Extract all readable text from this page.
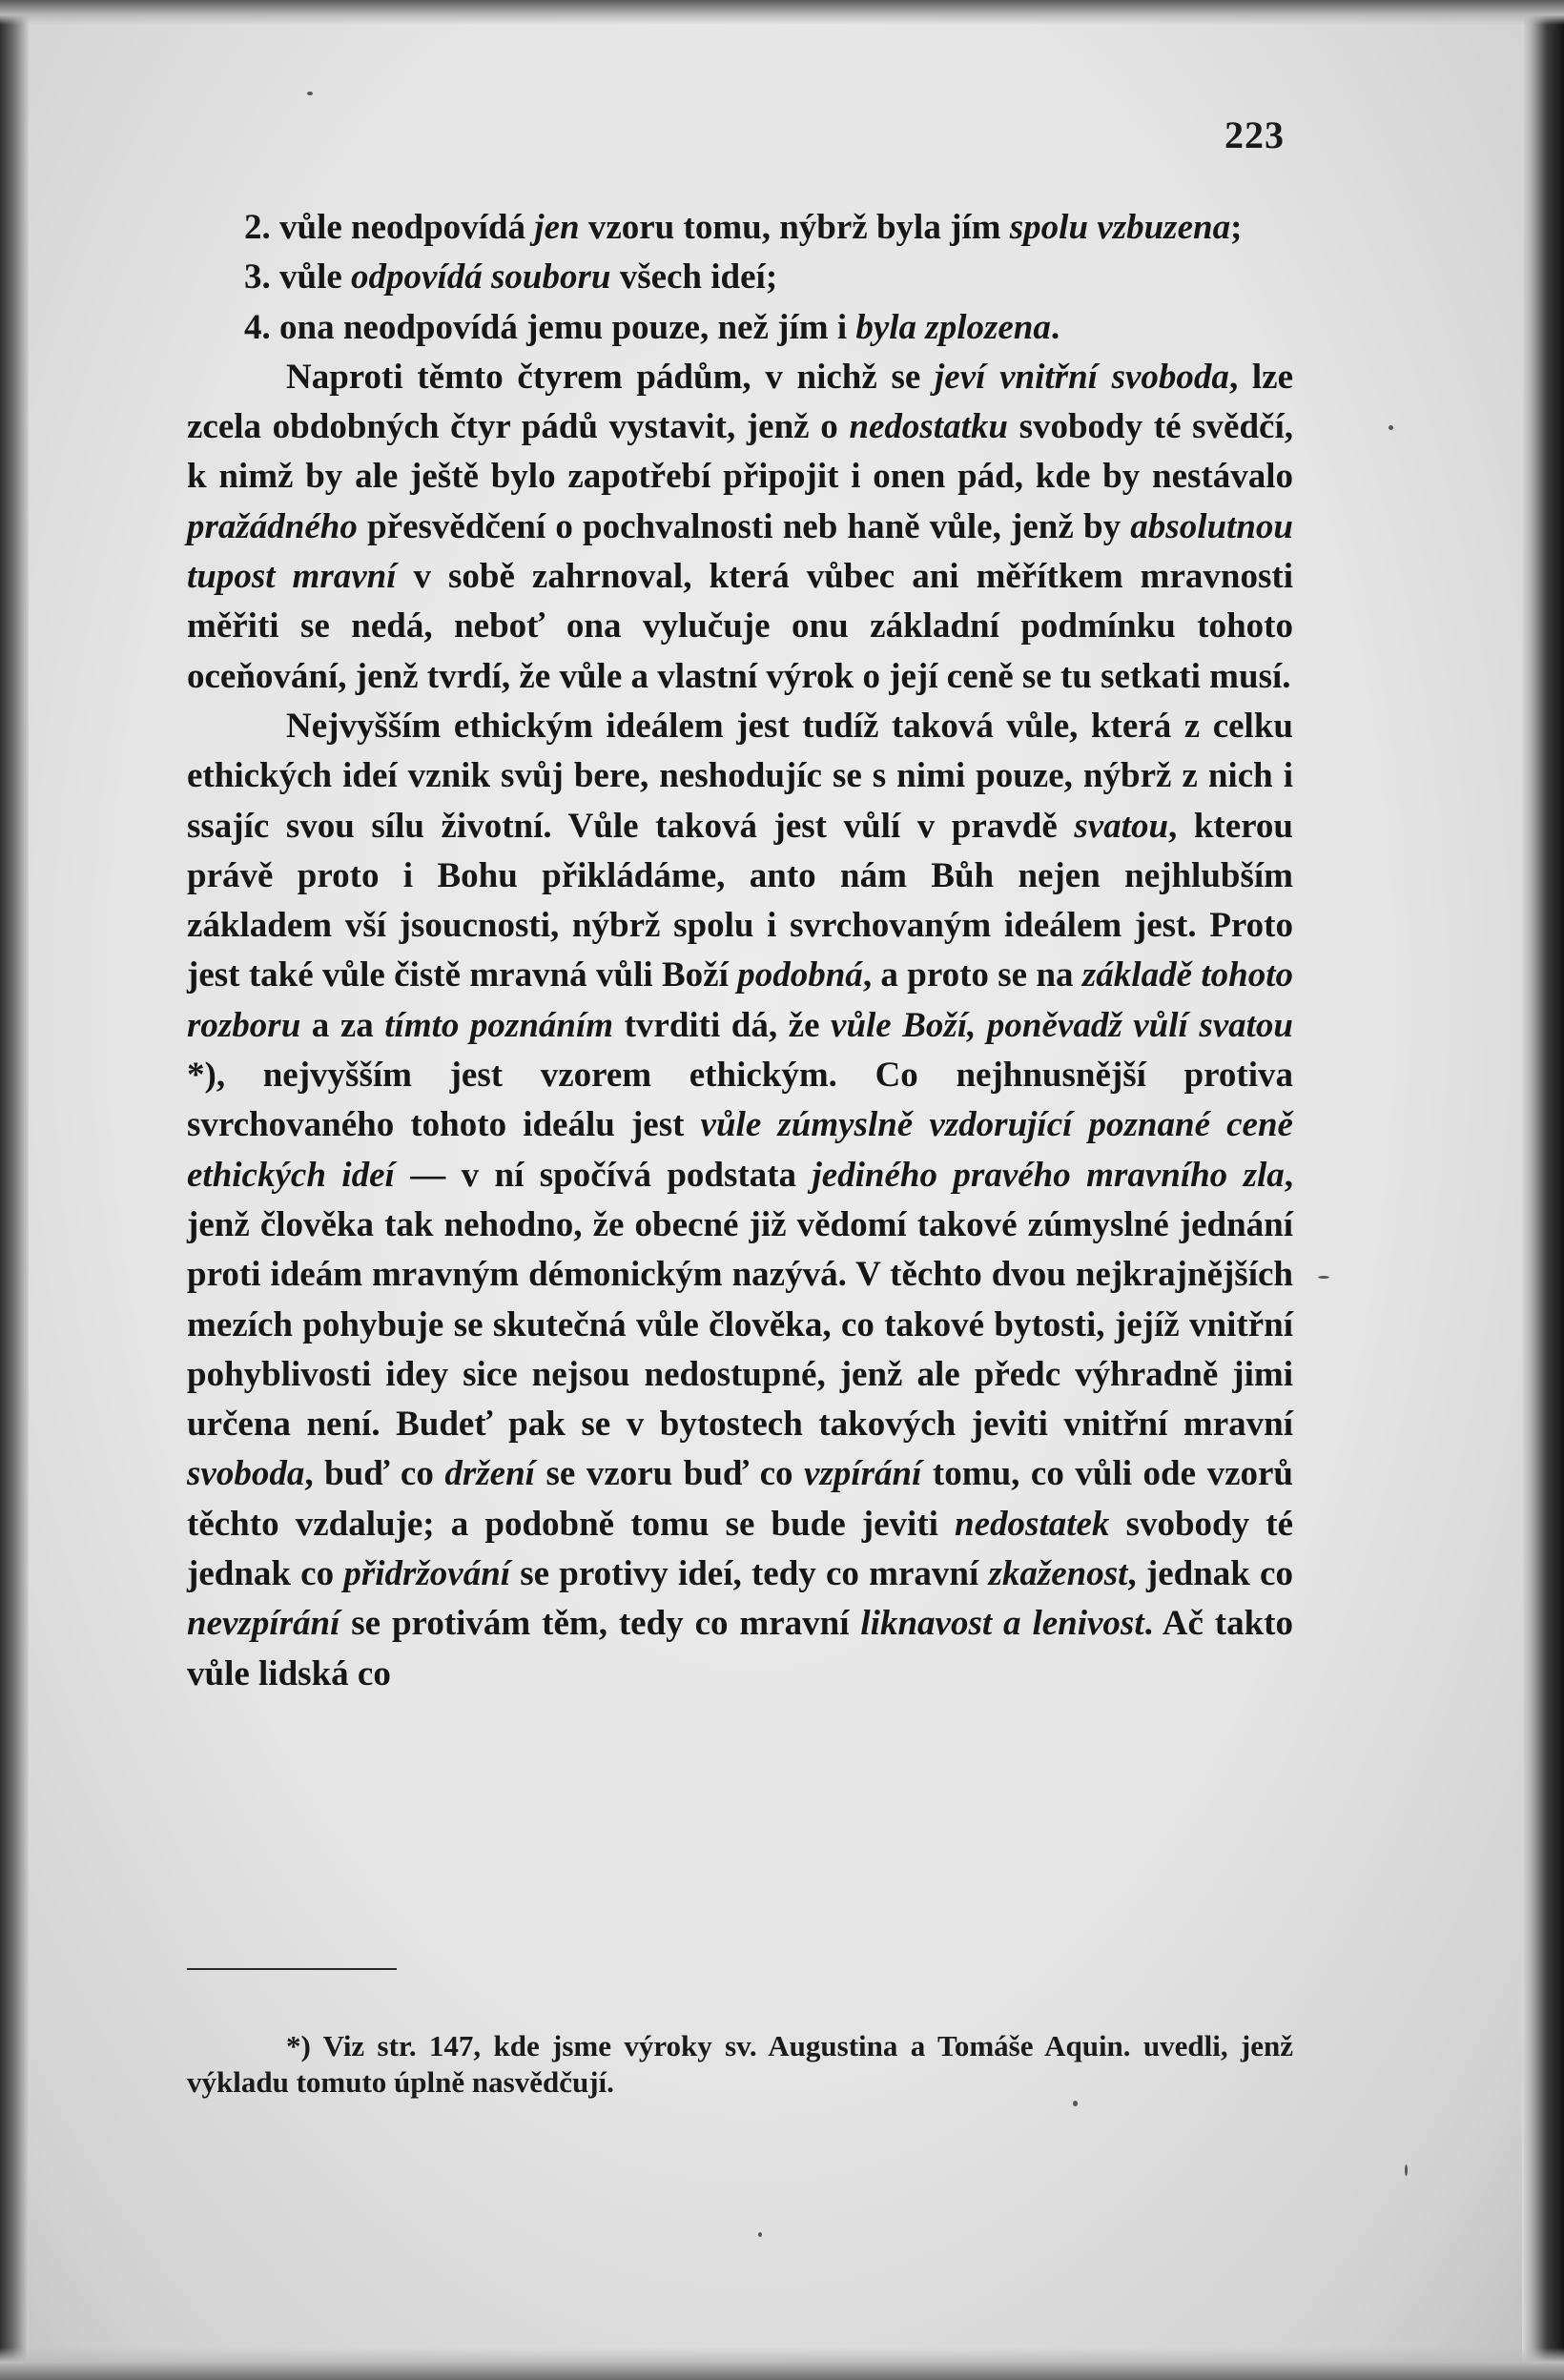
223

2. vůle neodpovídá jen vzoru tomu, nýbrž byla jím spolu vzbuzena;

3. vůle odpovídá souboru všech ideí;

4. ona neodpovídá jemu pouze, než jím i byla zplozena.

Naproti těmto čtyrem pádům, v nichž se jeví vnitřní svoboda, lze zcela obdobných čtyr pádů vystavit, jenž o nedostatku svobody té svědčí, k nimž by ale ještě bylo zapotřebí připojit i onen pád, kde by nestávalo pražádného přesvědčení o pochvalnosti neb haně vůle, jenž by absolutnou tupost mravní v sobě zahrnoval, která vůbec ani měřítkem mravnosti měřiti se nedá, neboť ona vylučuje onu základní podmínku tohoto oceňování, jenž tvrdí, že vůle a vlastní výrok o její ceně se tu setkati musí.

Nejvyšším ethickým ideálem jest tudíž taková vůle, která z celku ethických ideí vznik svůj bere, neshodujíc se s nimi pouze, nýbrž z nich i ssajíc svou sílu životní. Vůle taková jest vůlí v pravdě svatou, kterou právě proto i Bohu přikládáme, anto nám Bůh nejen nejhlubším základem vší jsoucnosti, nýbrž spolu i svrchovaným ideálem jest. Proto jest také vůle čistě mravná vůli Boží podobná, a proto se na základě tohoto rozboru a za tímto poznáním tvrditi dá, že vůle Boží, poněvadž vůlí svatou *), nejvyšším jest vzorem ethickým. Co nejhnusnější protiva svrchovaného tohoto ideálu jest vůle zúmyslně vzdorující poznané ceně ethických ideí — v ní spočívá podstata jediného pravého mravního zla, jenž člověka tak nehodno, že obecné již vědomí takové zúmyslné jednání proti ideám mravným démonickým nazývá. V těchto dvou nejkrajnějších mezích pohybuje se skutečná vůle člověka, co takové bytosti, jejíž vnitřní pohyblivosti idey sice nejsou nedostupné, jenž ale předc výhradně jimi určena není. Budeť pak se v bytostech takových jeviti vnitřní mravní svoboda, buď co držení se vzoru buď co vzpírání tomu, co vůli ode vzorů těchto vzdaluje; a podobně tomu se bude jeviti nedostatek svobody té jednak co přidržování se protivy ideí, tedy co mravní zkaženost, jednak co nevzpírání se protivám těm, tedy co mravní liknavost a lenivost. Ač takto vůle lidská co

*) Viz str. 147, kde jsme výroky sv. Augustina a Tomáše Aquin. uvedli, jenž výkladu tomuto úplně nasvědčují.
